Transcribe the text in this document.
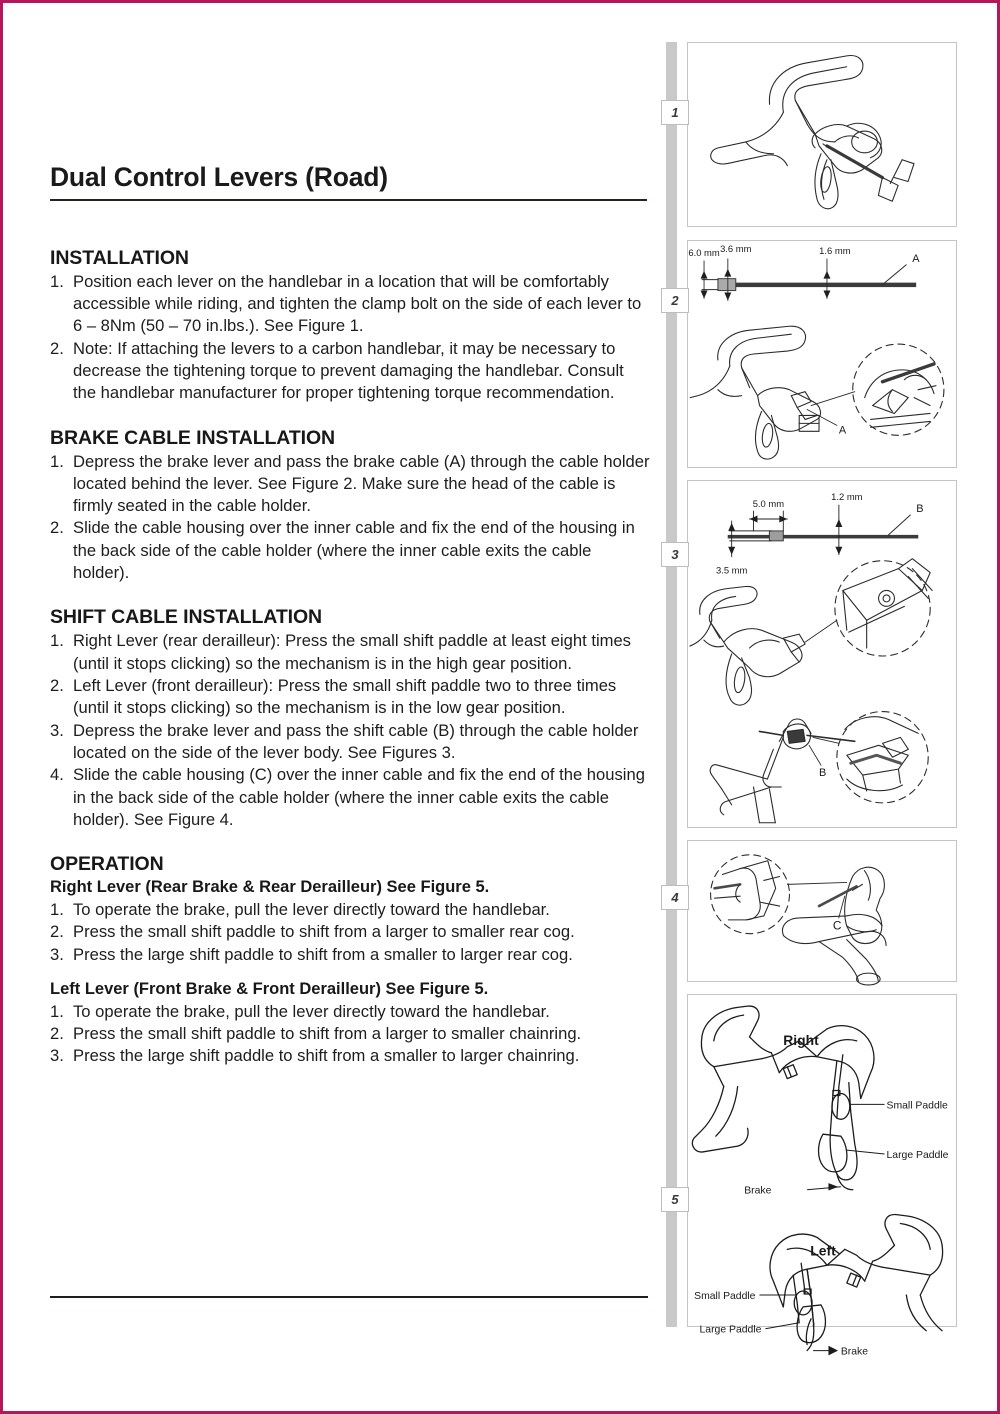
Dual Control Levers (Road)
INSTALLATION
1. Position each lever on the handlebar in a location that will be comfortably accessible while riding, and tighten the clamp bolt on the side of each lever to 6 – 8Nm (50 – 70 in.lbs.). See Figure 1.
2. Note: If attaching the levers to a carbon handlebar, it may be necessary to decrease the tightening torque to prevent damaging the handlebar. Consult the handlebar manufacturer for proper tightening torque recommendation.
BRAKE CABLE INSTALLATION
1. Depress the brake lever and pass the brake cable (A) through the cable holder located behind the lever. See Figure 2. Make sure the head of the cable is firmly seated in the cable holder.
2. Slide the cable housing over the inner cable and fix the end of the housing in the back side of the cable holder (where the inner cable exits the cable holder).
SHIFT CABLE INSTALLATION
1. Right Lever (rear derailleur): Press the small shift paddle at least eight times (until it stops clicking) so the mechanism is in the high gear position.
2. Left Lever (front derailleur): Press the small shift paddle two to three times (until it stops clicking) so the mechanism is in the low gear position.
3. Depress the brake lever and pass the shift cable (B) through the cable holder located on the side of the lever body. See Figures 3.
4. Slide the cable housing (C) over the inner cable and fix the end of the housing in the back side of the cable holder (where the inner cable exits the cable holder). See Figure 4.
OPERATION
Right Lever (Rear Brake & Rear Derailleur) See Figure 5.
1. To operate the brake, pull the lever directly toward the handlebar.
2. Press the small shift paddle to shift from a larger to smaller rear cog.
3. Press the large shift paddle to shift from a smaller to larger rear cog.
Left Lever (Front Brake & Front Derailleur) See Figure 5.
1. To operate the brake, pull the lever directly toward the handlebar.
2. Press the small shift paddle to shift from a larger to smaller chainring.
3. Press the large shift paddle to shift from a smaller to larger chainring.
1
6.0 mm 3.6 mm	1.6 mm
A
A
2
5.0 mm
1.2 mm
3.5 mm
B
B
3
C
4
Right
Small Paddle
Large Paddle
Brake
Left
Small Paddle
Large Paddle
Brake
5
